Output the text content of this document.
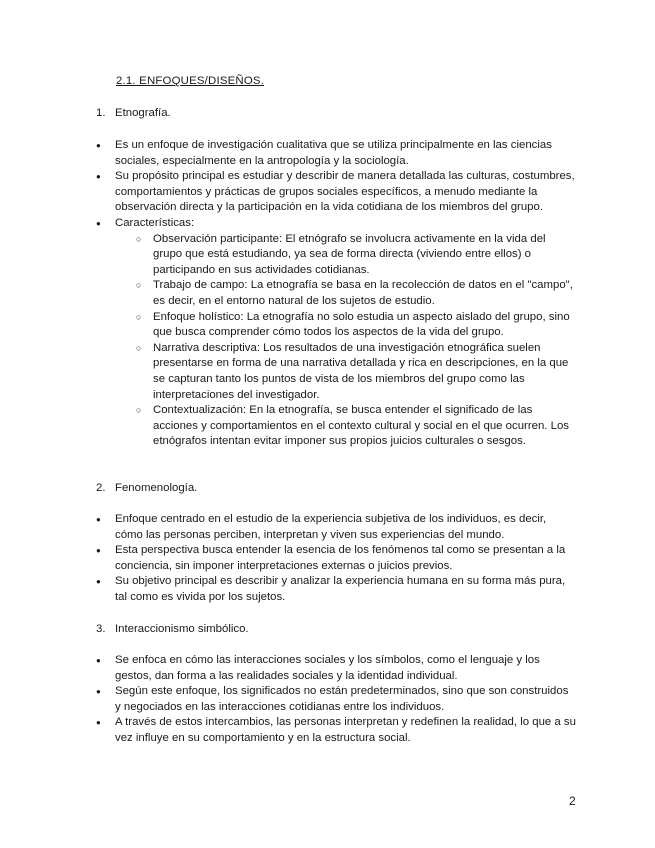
2.1. ENFOQUES/DISEÑOS.
1. Etnografía.
● Es un enfoque de investigación cualitativa que se utiliza principalmente en las ciencias sociales, especialmente en la antropología y la sociología.
● Su propósito principal es estudiar y describir de manera detallada las culturas, costumbres, comportamientos y prácticas de grupos sociales específicos, a menudo mediante la observación directa y la participación en la vida cotidiana de los miembros del grupo.
● Características:
○ Observación participante: El etnógrafo se involucra activamente en la vida del grupo que está estudiando, ya sea de forma directa (viviendo entre ellos) o participando en sus actividades cotidianas.
○ Trabajo de campo: La etnografía se basa en la recolección de datos en el "campo", es decir, en el entorno natural de los sujetos de estudio.
○ Enfoque holístico: La etnografía no solo estudia un aspecto aislado del grupo, sino que busca comprender cómo todos los aspectos de la vida del grupo.
○ Narrativa descriptiva: Los resultados de una investigación etnográfica suelen presentarse en forma de una narrativa detallada y rica en descripciones, en la que se capturan tanto los puntos de vista de los miembros del grupo como las interpretaciones del investigador.
○ Contextualización: En la etnografía, se busca entender el significado de las acciones y comportamientos en el contexto cultural y social en el que ocurren. Los etnógrafos intentan evitar imponer sus propios juicios culturales o sesgos.
2. Fenomenología.
● Enfoque centrado en el estudio de la experiencia subjetiva de los individuos, es decir, cómo las personas perciben, interpretan y viven sus experiencias del mundo.
● Esta perspectiva busca entender la esencia de los fenómenos tal como se presentan a la conciencia, sin imponer interpretaciones externas o juicios previos.
● Su objetivo principal es describir y analizar la experiencia humana en su forma más pura, tal como es vivida por los sujetos.
3. Interaccionismo simbólico.
● Se enfoca en cómo las interacciones sociales y los símbolos, como el lenguaje y los gestos, dan forma a las realidades sociales y la identidad individual.
● Según este enfoque, los significados no están predeterminados, sino que son construidos y negociados en las interacciones cotidianas entre los individuos.
● A través de estos intercambios, las personas interpretan y redefinen la realidad, lo que a su vez influye en su comportamiento y en la estructura social.
2
